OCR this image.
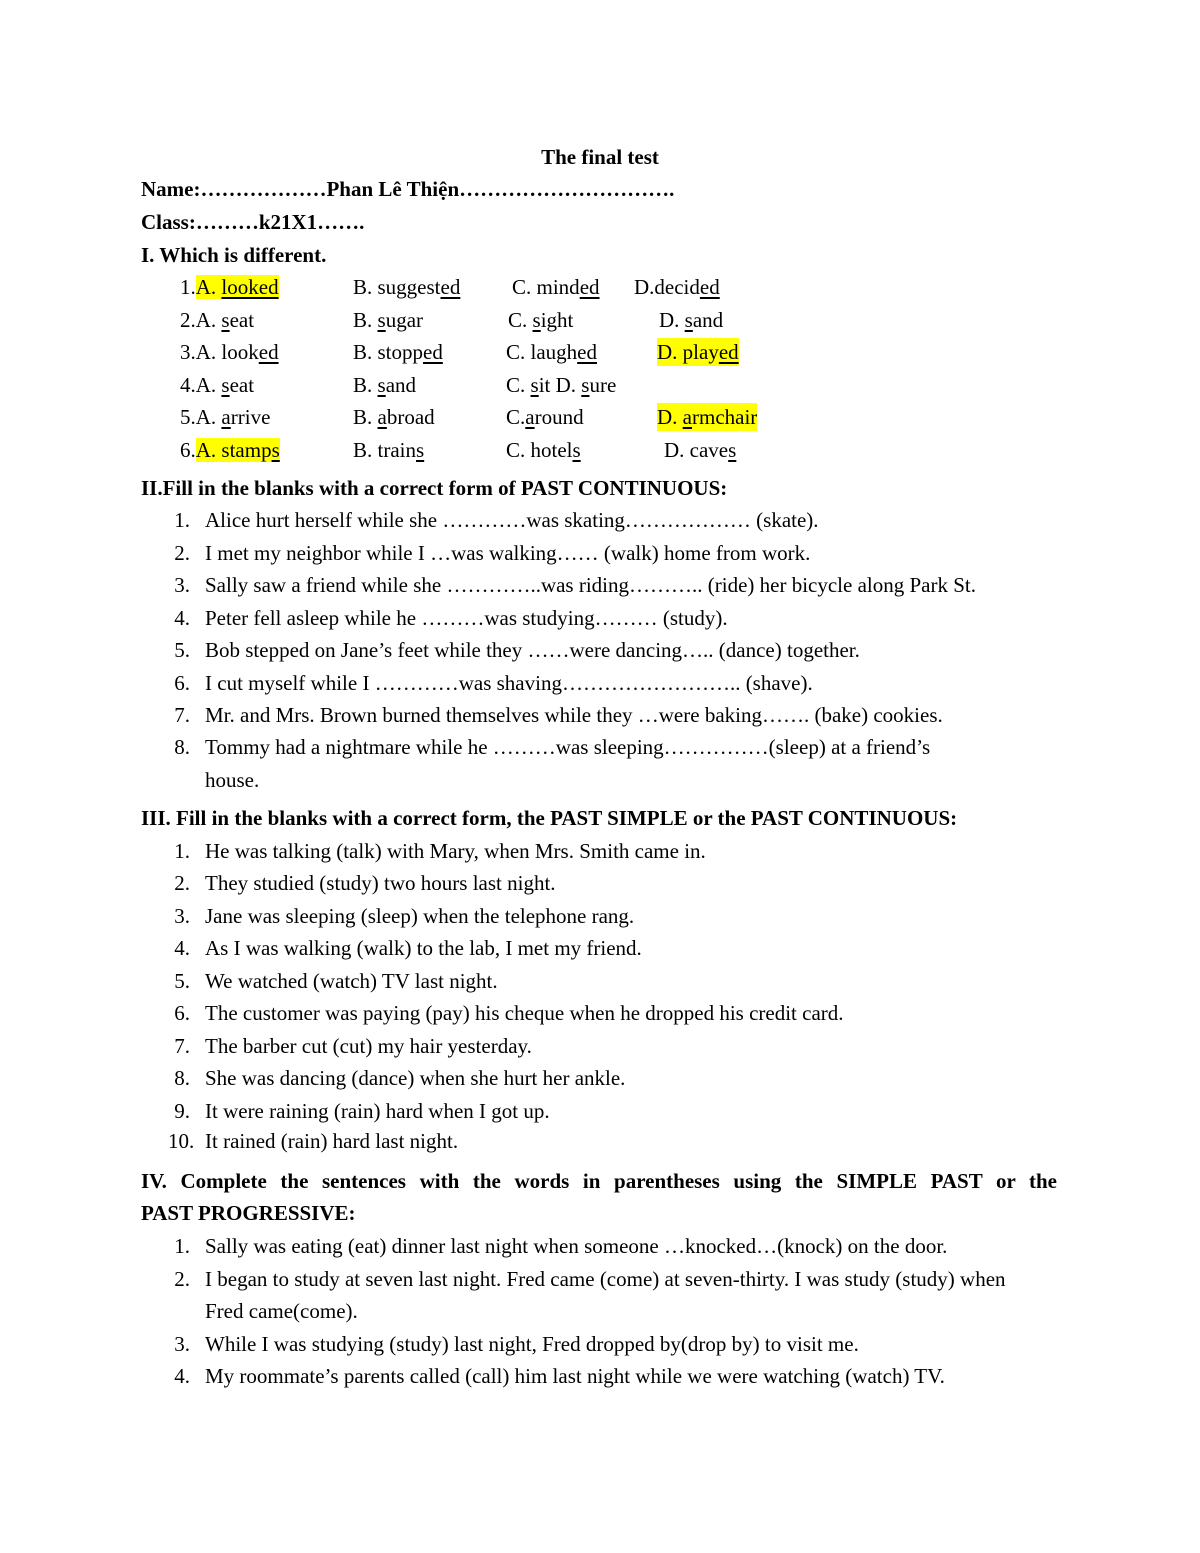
The final test
Name:………………Phan Lê Thiện………………………….
Class:………k21X1…….
I. Which is different.
1.A. looked	B. suggested C. minded D.decided
2.A. seat	B. sugar	C. sight	D. sand
3.A. looked	B. stopped	C. laughed	D. played
4.A. seat	B. sand	C. sit D. sure
5.A. arrive	B. abroad	C.around	D. armchair
6.A. stamps	B. trains	C. hotels	D. caves
II.Fill in the blanks with a correct form of PAST CONTINUOUS:
1. Alice hurt herself while she …………was skating……………… (skate).
2. I met my neighbor while I …was walking…… (walk) home from work.
3. Sally saw a friend while she …………..was riding……….. (ride) her bicycle along Park St.
4. Peter fell asleep while he ………was studying……… (study).
5. Bob stepped on Jane’s feet while they ……were dancing….. (dance) together.
6. I cut myself while I …………was shaving…………………….. (shave).
7. Mr. and Mrs. Brown burned themselves while they …were baking……. (bake) cookies.
8. Tommy had a nightmare while he ………was sleeping……………(sleep) at a friend’s
house.
III. Fill in the blanks with a correct form, the PAST SIMPLE or the PAST CONTINUOUS:
1. He was talking (talk) with Mary, when Mrs. Smith came in.
2. They studied (study) two hours last night.
3. Jane was sleeping (sleep) when the telephone rang.
4. As I was walking (walk) to the lab, I met my friend.
5. We watched (watch) TV last night.
6. The customer was paying (pay) his cheque when he dropped his credit card.
7. The barber cut (cut) my hair yesterday.
8. She was dancing (dance) when she hurt her ankle.
9. It were raining (rain) hard when I got up.
10. It rained (rain) hard last night.
IV. Complete the sentences with the words in parentheses using the SIMPLE PAST or the
PAST PROGRESSIVE:
1. Sally was eating (eat) dinner last night when someone …knocked…(knock) on the door.
2. I began to study at seven last night. Fred came (come) at seven-thirty. I was study (study) when
Fred came(come).
3. While I was studying (study) last night, Fred dropped by(drop by) to visit me.
4. My roommate’s parents called (call) him last night while we were watching (watch) TV.
